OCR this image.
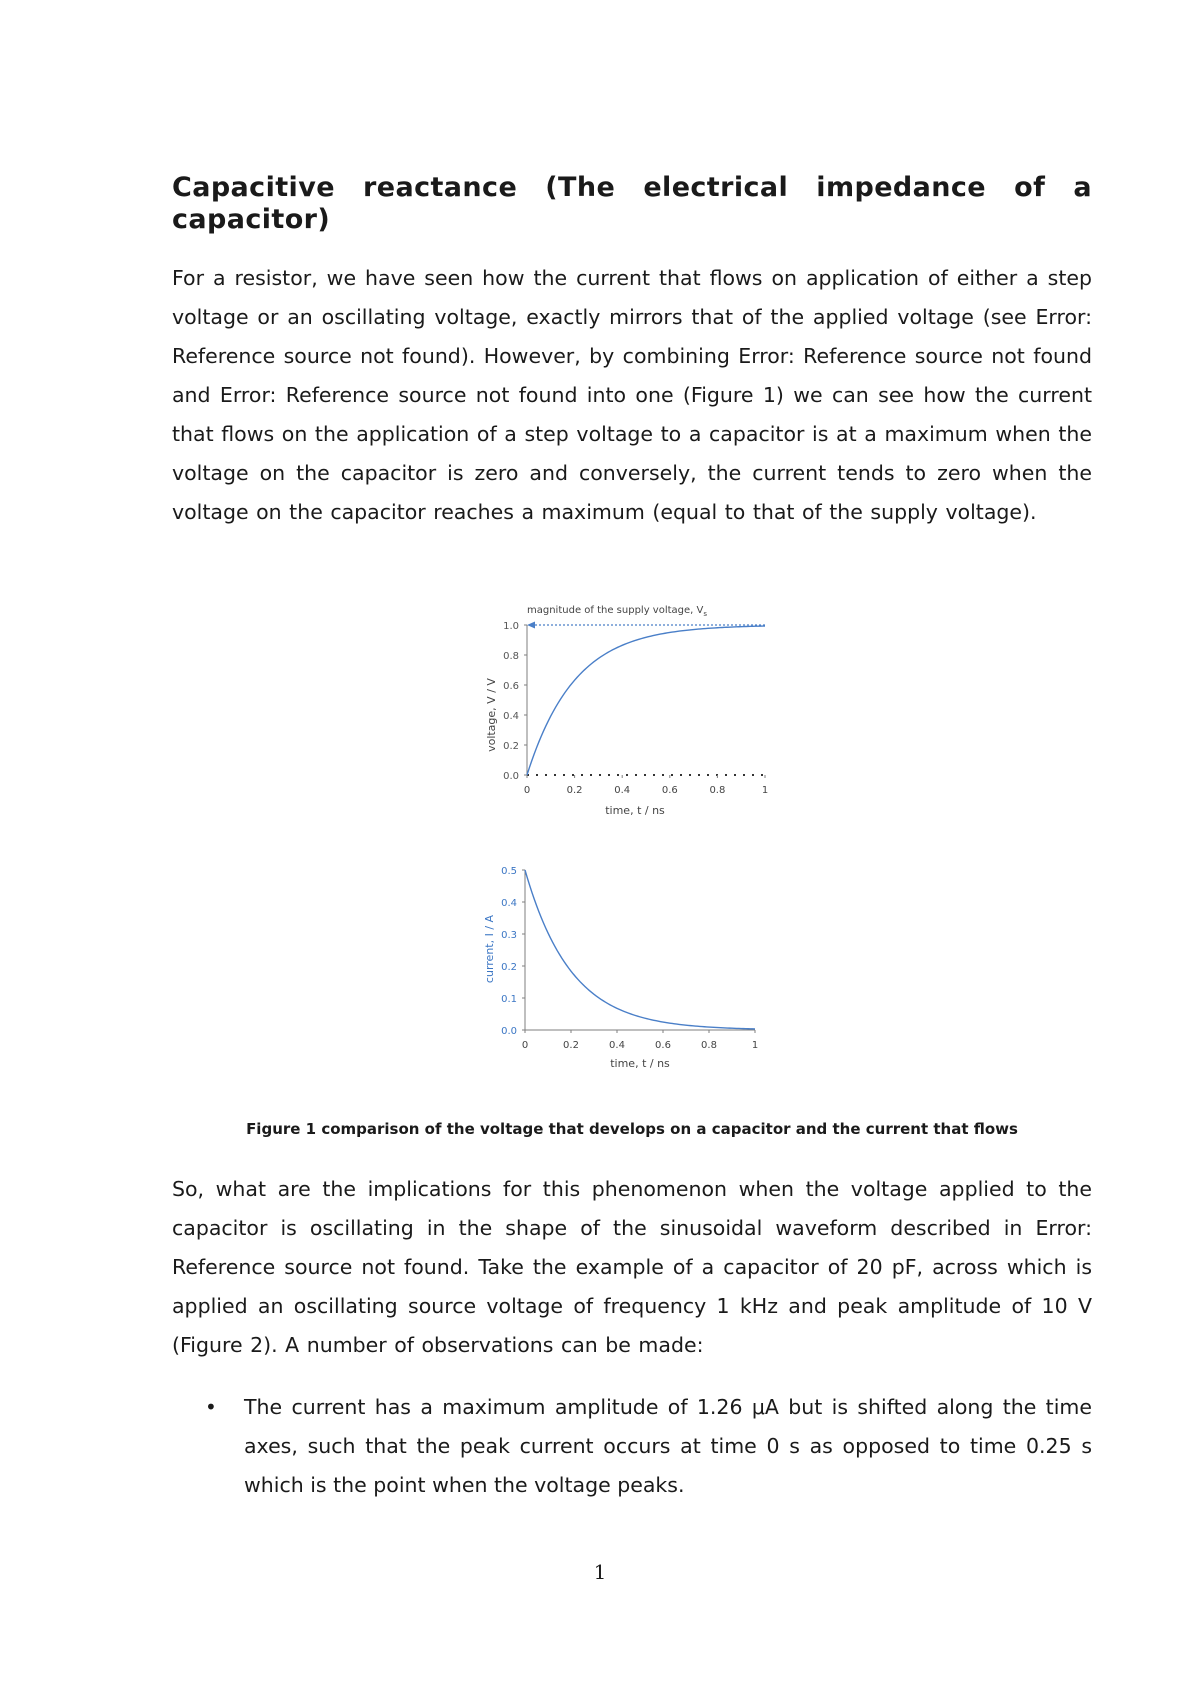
Capacitive reactance (The electrical impedance of a
capacitor)
For a resistor, we have seen how the current that flows on application of either a step voltage or an oscillating voltage, exactly mirrors that of the applied voltage (see Error: Reference source not found). However, by combining Error: Reference source not found and Error: Reference source not found into one (Figure 1) we can see how the current that flows on the application of a step voltage to a capacitor is at a maximum when the voltage on the capacitor is zero and conversely, the current tends to zero when the voltage on the capacitor reaches a maximum (equal to that of the supply voltage).
magnitude of the supply voltage, $V_s$
0.0
0.2
0.4
0.6
0.8
1.0
0	0.2	0.4	0.6	0.8	1
voltage, V / V
time, t / ns
0.0
0.1
0.2
0.3
0.4
0.5
0	0.2	0.4	0.6	0.8	1
current, I / A
time, t / ns
Figure 1 comparison of the voltage that develops on a capacitor and the current that flows
So, what are the implications for this phenomenon when the voltage applied to the capacitor is oscillating in the shape of the sinusoidal waveform described in Error: Reference source not found. Take the example of a capacitor of 20 pF, across which is applied an oscillating source voltage of frequency 1 kHz and peak amplitude of 10 V (Figure 2). A number of observations can be made:
• The current has a maximum amplitude of 1.26 μA but is shifted along the time axes, such that the peak current occurs at time 0 s as opposed to time 0.25 s which is the point when the voltage peaks.
1
